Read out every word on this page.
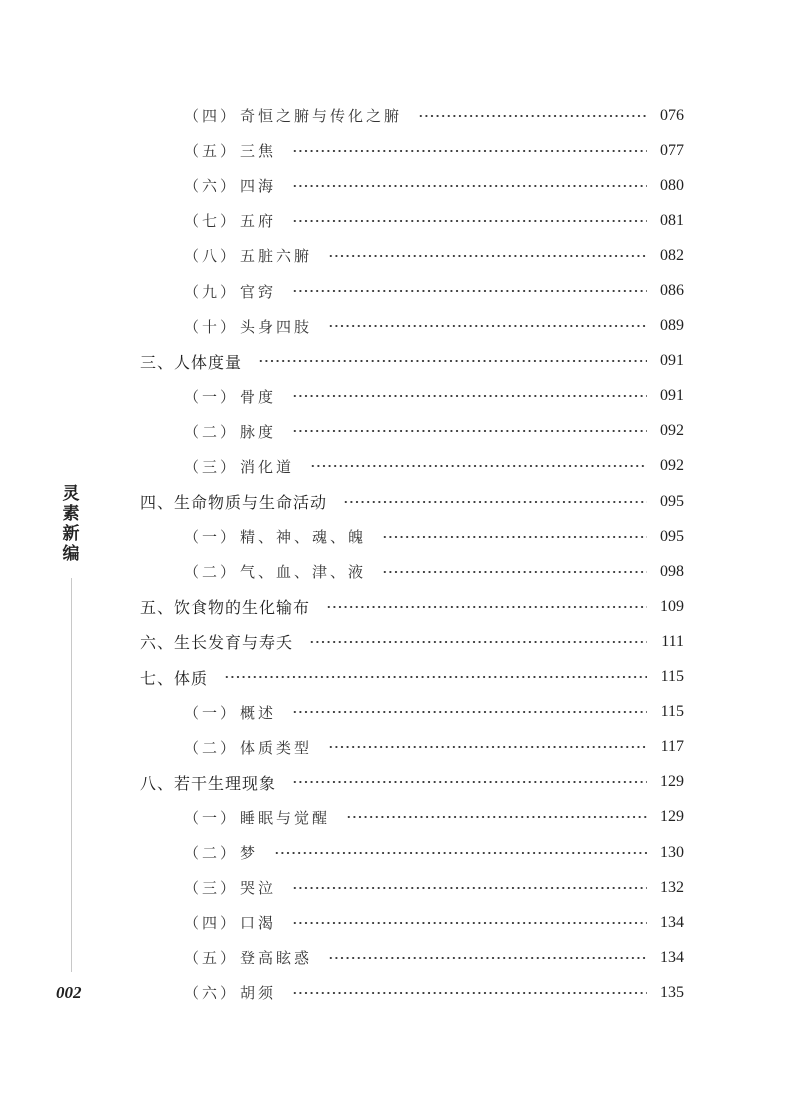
灵素新编
002
（四） 奇恒之腑与传化之腑	076
（五） 三焦	077
（六） 四海	080
（七） 五府	081
（八） 五脏六腑	082
（九） 官窍	086
（十） 头身四肢	089
三、 人体度量	091
（一） 骨度	091
（二） 脉度	092
（三） 消化道	092
四、 生命物质与生命活动	095
（一） 精、神、魂、魄	095
（二） 气、血、津、液	098
五、 饮食物的生化输布	109
六、 生长发育与寿夭	111
七、 体质	115
（一） 概述	115
（二） 体质类型	117
八、 若干生理现象	129
（一） 睡眠与觉醒	129
（二） 梦	130
（三） 哭泣	132
（四） 口渴	134
（五） 登高眩惑	134
（六） 胡须	135
